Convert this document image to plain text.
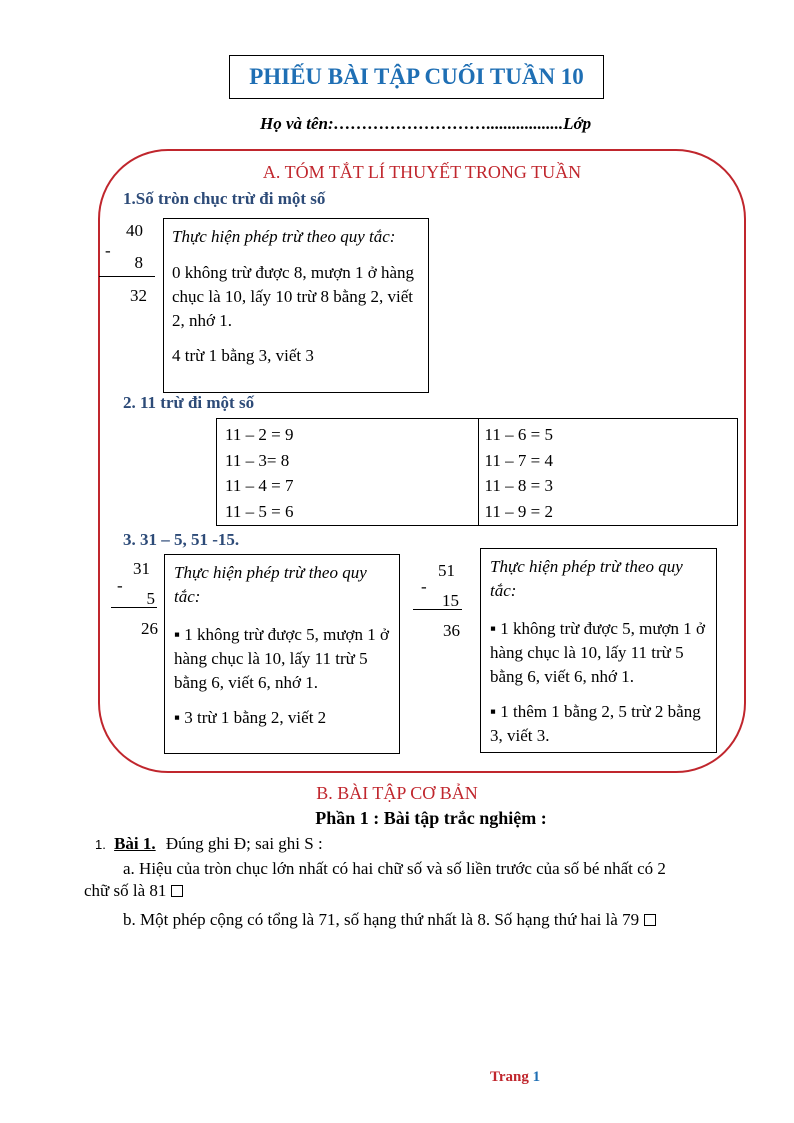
PHIẾU BÀI TẬP CUỐI TUẦN 10
Họ và tên:………………………..................Lớp
A. TÓM TẮT LÍ THUYẾT TRONG TUẦN
1.Số tròn chục trừ đi một số
40
-
8
32

Thực hiện phép trừ theo quy tắc:

0 không trừ được 8, mượn 1 ở hàng chục là 10, lấy 10 trừ 8 bằng 2, viết 2, nhớ 1.

4 trừ 1 bằng 3, viết 3

2. 11 trừ đi một số
11 – 2 = 9
11 – 3= 8
11 – 4 = 7
11 – 5 = 6
11 – 6 = 5
11 – 7 = 4
11 – 8 = 3
11 – 9 = 2
3. 31 – 5, 51 -15.
31
-
5
26

Thực hiện phép trừ theo quy tắc:

▪ 1 không trừ được 5, mượn 1 ở hàng chục là 10, lấy 11 trừ 5 bằng 6, viết 6, nhớ 1.

▪ 3 trừ 1 bằng 2, viết 2

51
-
15
36

Thực hiện phép trừ theo quy tắc:

▪ 1 không trừ được 5, mượn 1 ở hàng chục là 10, lấy 11 trừ 5 bằng 6, viết 6, nhớ 1.

▪ 1 thêm 1 bằng 2, 5 trừ 2 bằng 3, viết 3.

B. BÀI TẬP CƠ BẢN
Phần 1 : Bài tập trắc nghiệm :
1. Bài 1. Đúng ghi Đ; sai ghi S :
a. Hiệu của tròn chục lớn nhất có hai chữ số và số liền trước của số bé nhất có 2
chữ số là 81
b. Một phép cộng có tổng là 71, số hạng thứ nhất là 8. Số hạng thứ hai là 79
Trang 1
